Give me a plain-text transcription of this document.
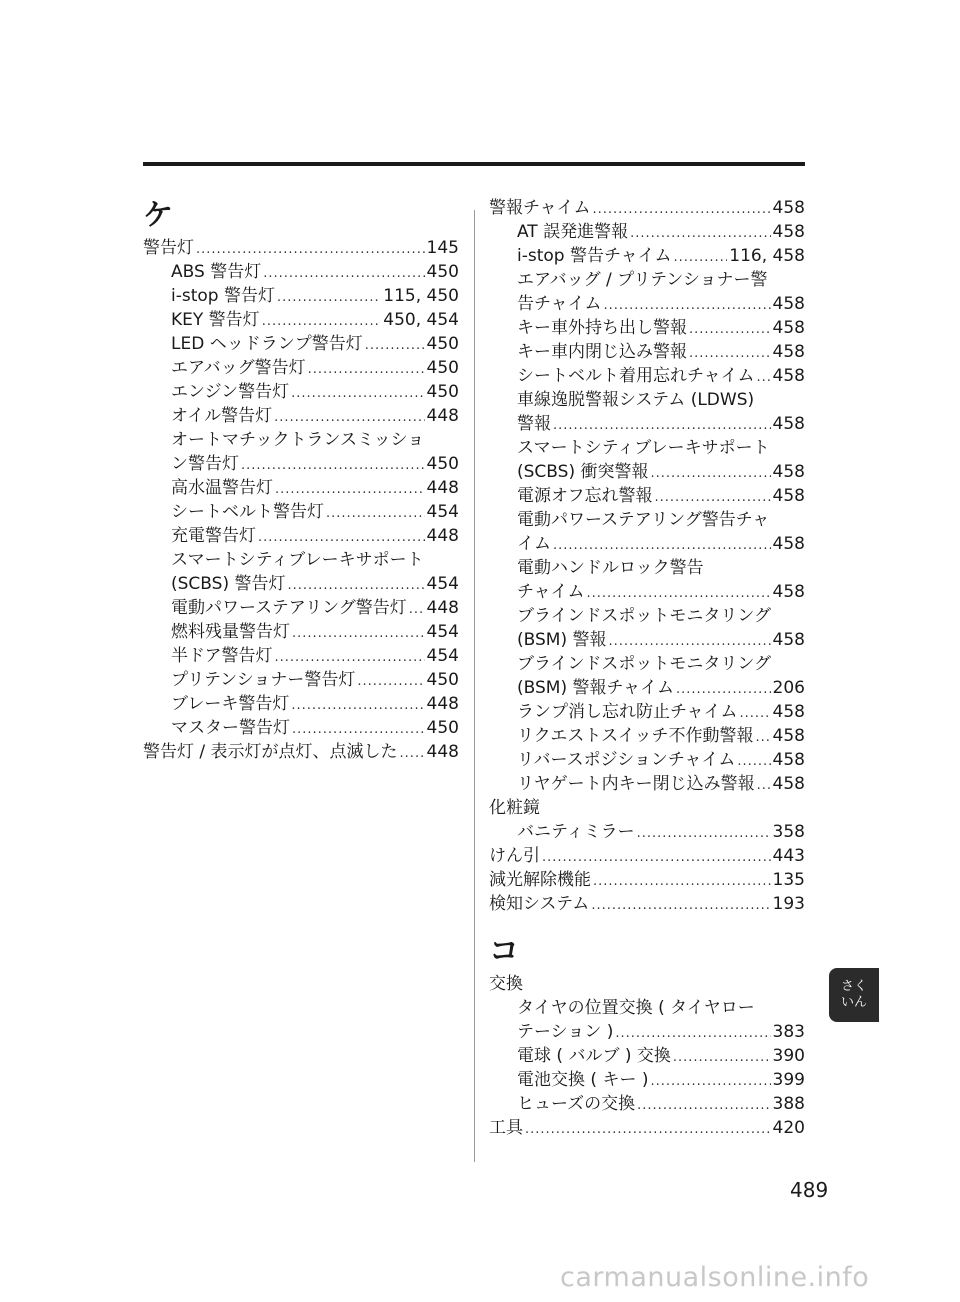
ケ
警告灯 .....	145
ABS 警告灯 .....	450
i-stop 警告灯 .....	115, 450
KEY 警告灯 .....	450, 454
LED ヘッドランプ警告灯 .....	450
エアバッグ警告灯 .....	450
エンジン警告灯 .....	450
オイル警告灯 .....	448
オートマチックトランスミッショ
ン警告灯 .....	450
高水温警告灯 .....	448
シートベルト警告灯 .....	454
充電警告灯 .....	448
スマートシティブレーキサポート
(SCBS) 警告灯 .....	454
電動パワーステアリング警告灯 ..... 448
燃料残量警告灯 .....	454
半ドア警告灯 .....	454
プリテンショナー警告灯 .....	450
ブレーキ警告灯 .....	448
マスター警告灯 .....	450
警告灯 / 表示灯が点灯、点滅した ..... 448
警報チャイム .....	458
AT 誤発進警報 .....	458
i-stop 警告チャイム .....	116, 458
エアバッグ / プリテンショナー警
告チャイム .....	458
キー車外持ち出し警報 .....	458
キー車内閉じ込み警報 .....	458
シートベルト着用忘れチャイム ..... 458
車線逸脱警報システム (LDWS)
警報 .....	458
スマートシティブレーキサポート
(SCBS) 衝突警報 .....	458
電源オフ忘れ警報 .....	458
電動パワーステアリング警告チャ
イム .....	458
電動ハンドルロック警告
チャイム .....	458
ブラインドスポットモニタリング
(BSM) 警報 .....	458
ブラインドスポットモニタリング
(BSM) 警報チャイム .....	206
ランプ消し忘れ防止チャイム ..... 458
リクエストスイッチ不作動警報 ..... 458
リバースポジションチャイム ..... 458
リヤゲート内キー閉じ込み警報 ..... 458
化粧鏡
バニティミラー .....	358
けん引 .....	443
減光解除機能 .....	135
検知システム .....	193
コ
交換
タイヤの位置交換 ( タイヤロー
テーション ) .....	383
電球 ( バルブ ) 交換 .....	390
電池交換 ( キー ) .....	399
ヒューズの交換 .....	388
工具 .....	420
さく
いん
489
carmanualsonline.info
